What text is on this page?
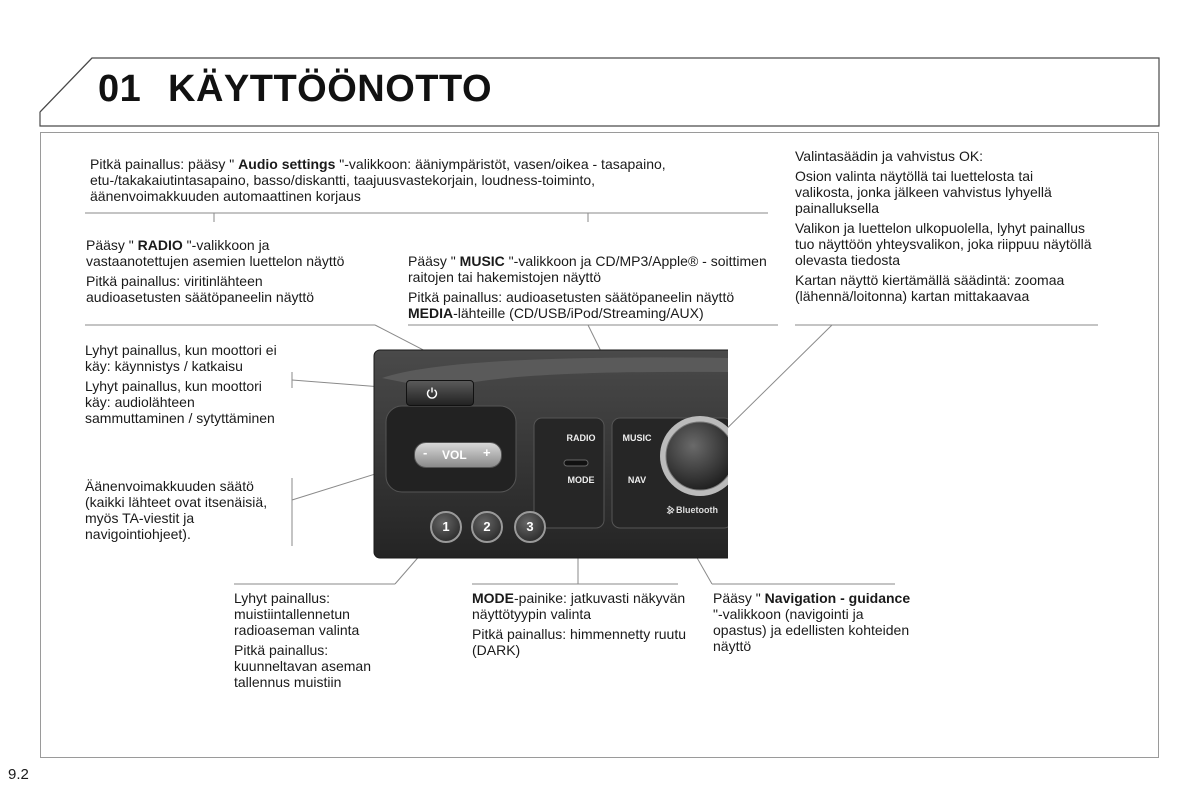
01 KÄYTTÖÖNOTTO
- VOL +
RADIO	MUSIC
MODE	NAV
Bluetooth
1	2	3

Pitkä painallus: pääsy " Audio settings "-valikkoon: ääniympäristöt, vasen/oikea - tasapaino, etu-/takakaiutintasapaino, basso/diskantti, taajuusvastekorjain, loudness-toiminto, äänenvoimakkuuden automaattinen korjaus

Pääsy " RADIO "-valikkoon ja vastaanotettujen asemien luettelon näyttö

Pitkä painallus: viritinlähteen audioasetusten säätöpaneelin näyttö

Pääsy " MUSIC "-valikkoon ja CD/MP3/Apple® - soittimen raitojen tai hakemistojen näyttö

Pitkä painallus: audioasetusten säätöpaneelin näyttö MEDIA-lähteille (CD/USB/iPod/Streaming/AUX)

Valintasäädin ja vahvistus OK:

Osion valinta näytöllä tai luettelosta tai valikosta, jonka jälkeen vahvistus lyhyellä painalluksella

Valikon ja luettelon ulkopuolella, lyhyt painallus tuo näyttöön yhteysvalikon, joka riippuu näytöllä olevasta tiedosta

Kartan näyttö kiertämällä säädintä: zoomaa (lähennä/loitonna) kartan mittakaavaa

Lyhyt painallus, kun moottori ei käy: käynnistys / katkaisu

Lyhyt painallus, kun moottori käy: audiolähteen sammuttaminen / sytyttäminen

Äänenvoimakkuuden säätö (kaikki lähteet ovat itsenäisiä, myös TA-viestit ja navigointiohjeet).

Lyhyt painallus: muistiintallennetun radioaseman valinta

Pitkä painallus: kuunneltavan aseman tallennus muistiin

MODE-painike: jatkuvasti näkyvän näyttötyypin valinta

Pitkä painallus: himmennetty ruutu (DARK)

Pääsy " Navigation - guidance "-valikkoon (navigointi ja opastus) ja edellisten kohteiden näyttö

9.2
